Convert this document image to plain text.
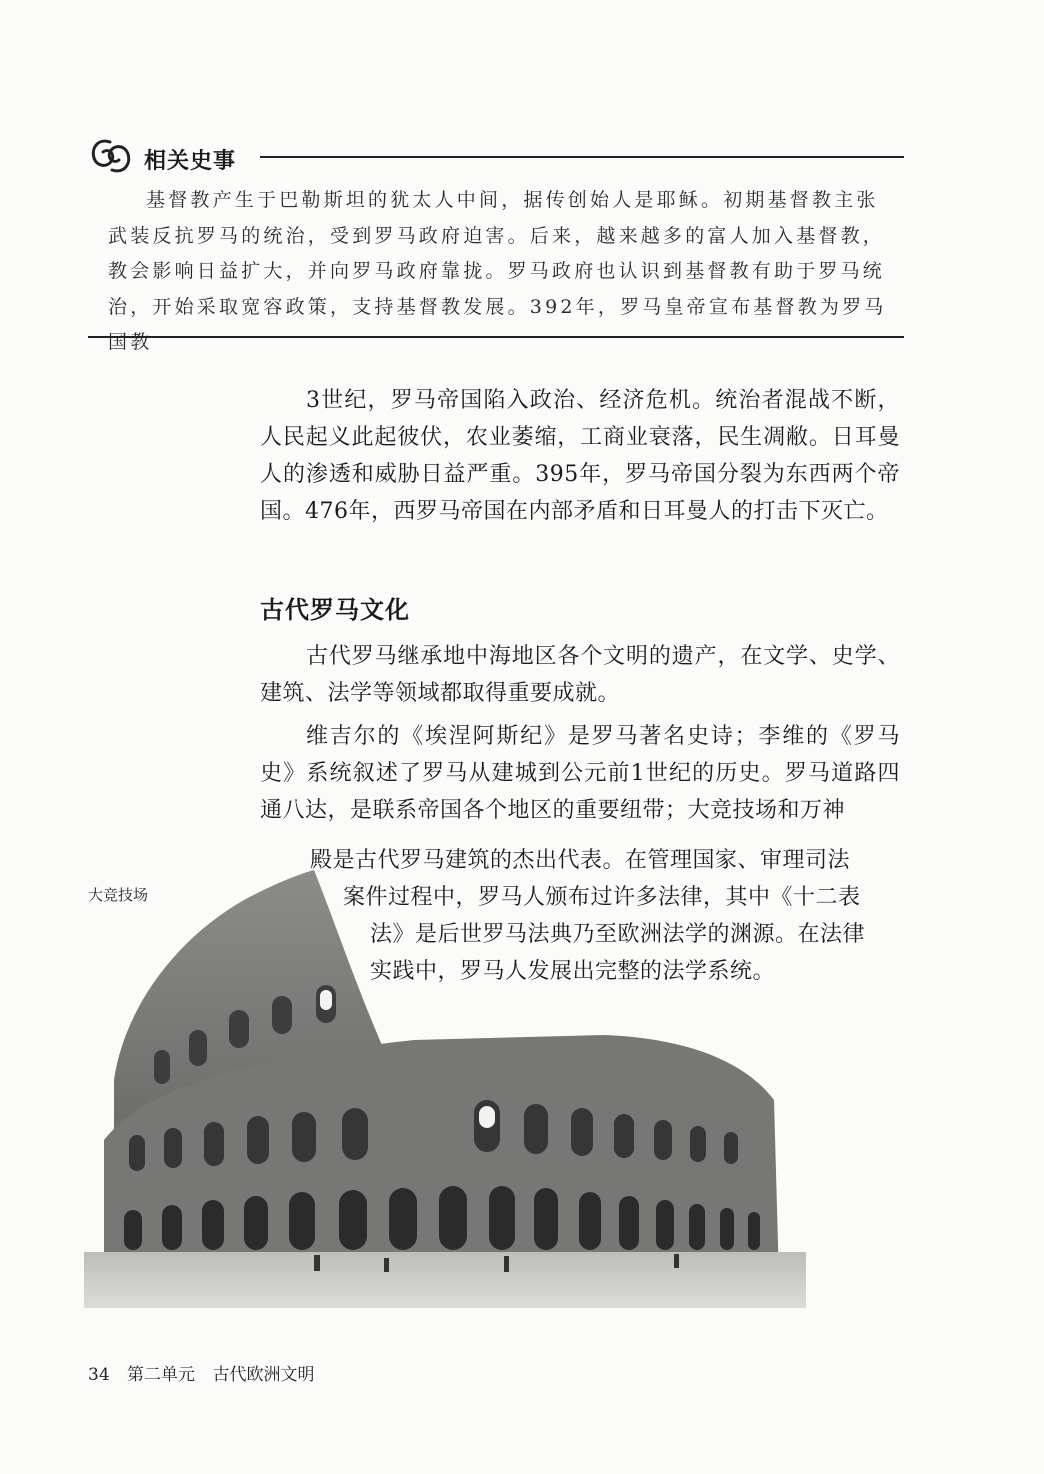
相关史事

基督教产生于巴勒斯坦的犹太人中间，据传创始人是耶稣。初期基督教主张武装反抗罗马的统治，受到罗马政府迫害。后来，越来越多的富人加入基督教，教会影响日益扩大，并向罗马政府靠拢。罗马政府也认识到基督教有助于罗马统治，开始采取宽容政策，支持基督教发展。392年，罗马皇帝宣布基督教为罗马国教

3世纪，罗马帝国陷入政治、经济危机。统治者混战不断，人民起义此起彼伏，农业萎缩，工商业衰落，民生凋敝。日耳曼人的渗透和威胁日益严重。395年，罗马帝国分裂为东西两个帝国。476年，西罗马帝国在内部矛盾和日耳曼人的打击下灭亡。

古代罗马文化

古代罗马继承地中海地区各个文明的遗产，在文学、史学、建筑、法学等领域都取得重要成就。

维吉尔的《埃涅阿斯纪》是罗马著名史诗；李维的《罗马史》系统叙述了罗马从建城到公元前1世纪的历史。罗马道路四通八达，是联系帝国各个地区的重要纽带；大竞技场和万神

殿是古代罗马建筑的杰出代表。在管理国家、审理司法
案件过程中，罗马人颁布过许多法律，其中《十二表
法》是后世罗马法典乃至欧洲法学的渊源。在法律
实践中，罗马人发展出完整的法学系统。
大竞技场
34 第二单元 古代欧洲文明
